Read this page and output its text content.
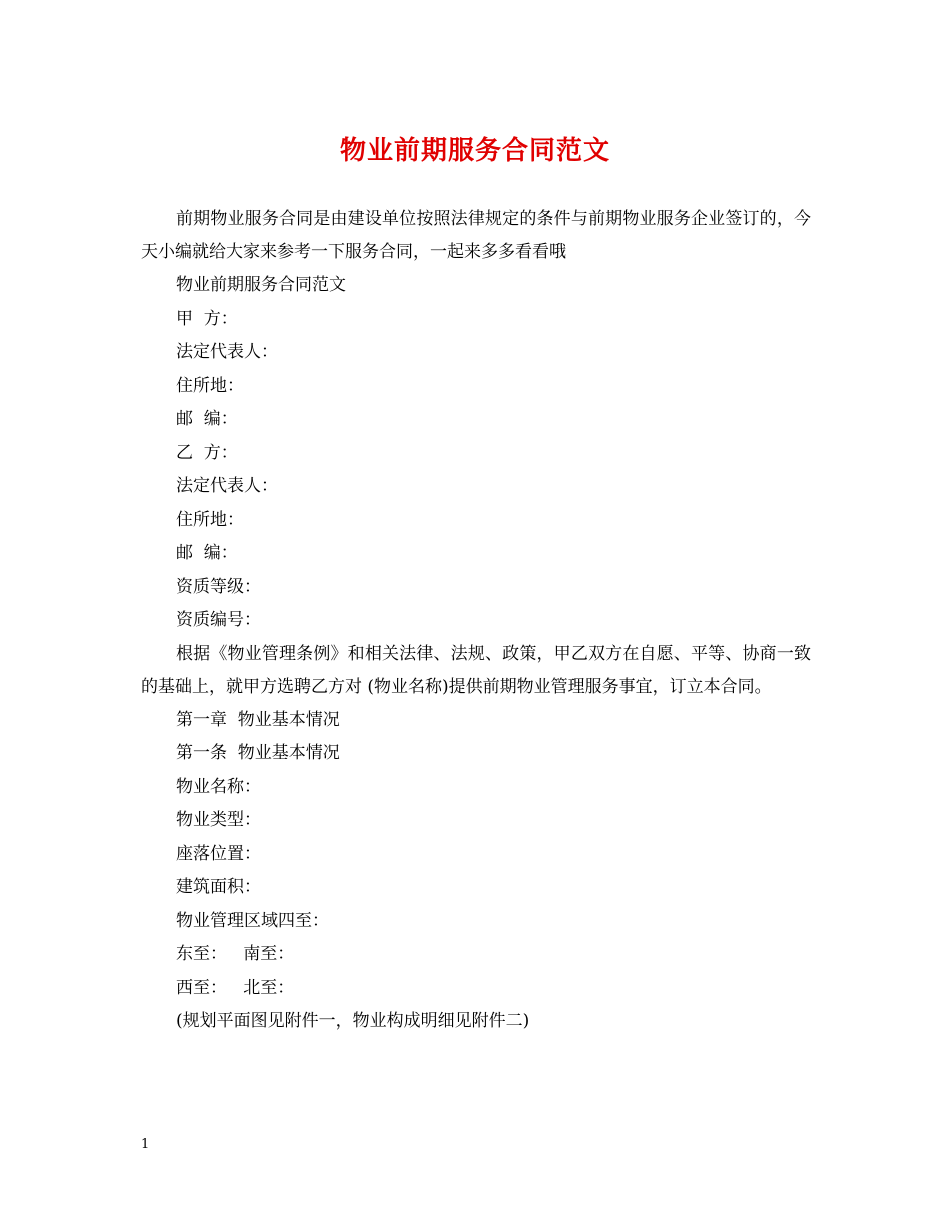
物业前期服务合同范文

前期物业服务合同是由建设单位按照法律规定的条件与前期物业服务企业签订的，今天小编就给大家来参考一下服务合同，一起来多多看看哦

物业前期服务合同范文

甲  方：

法定代表人：

住所地：

邮  编：

乙  方：

法定代表人：

住所地：

邮  编：

资质等级：

资质编号：

根据《物业管理条例》和相关法律、法规、政策，甲乙双方在自愿、平等、协商一致的基础上，就甲方选聘乙方对 (物业名称)提供前期物业管理服务事宜，订立本合同。

第一章  物业基本情况

第一条  物业基本情况

物业名称：

物业类型：

座落位置：

建筑面积：

物业管理区域四至：

东至：   南至：

西至：   北至：

(规划平面图见附件一，物业构成明细见附件二)

1
